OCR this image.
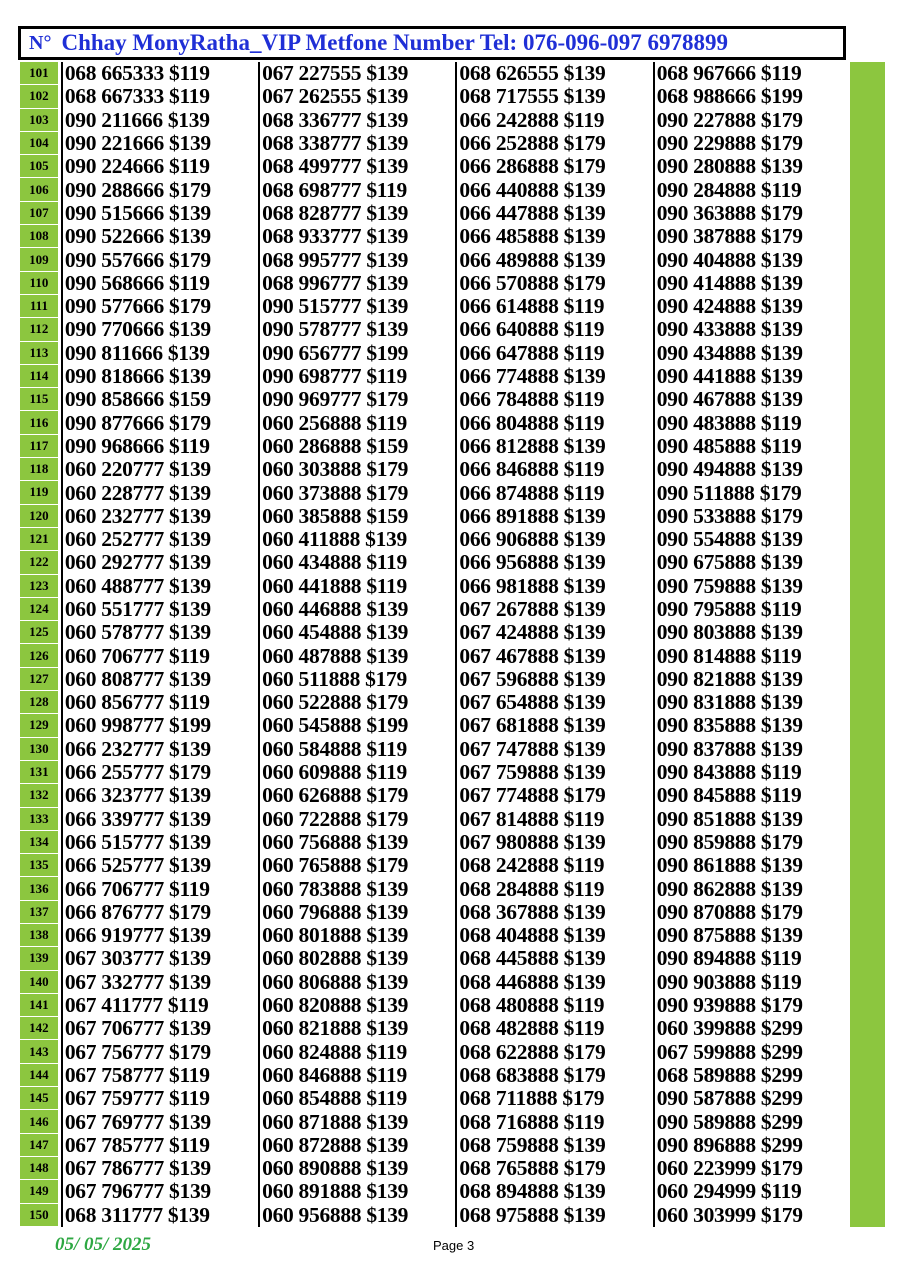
N° Chhay MonyRatha_VIP Metfone Number Tel: 076-096-097 6978899
101 068 665333 $119	067 227555 $139	068 626555 $139	068 967666 $119
102 068 667333 $119	067 262555 $139	068 717555 $139	068 988666 $199
103 090 211666 $139	068 336777 $139	066 242888 $119	090 227888 $179
104 090 221666 $139	068 338777 $139	066 252888 $179	090 229888 $179
105 090 224666 $119	068 499777 $139	066 286888 $179	090 280888 $139
106 090 288666 $179	068 698777 $119	066 440888 $139	090 284888 $119
107 090 515666 $139	068 828777 $139	066 447888 $139	090 363888 $179
108 090 522666 $139	068 933777 $139	066 485888 $139	090 387888 $179
109 090 557666 $179	068 995777 $139	066 489888 $139	090 404888 $139
110 090 568666 $119	068 996777 $139	066 570888 $179	090 414888 $139
111 090 577666 $179	090 515777 $139	066 614888 $119	090 424888 $139
112 090 770666 $139	090 578777 $139	066 640888 $119	090 433888 $139
113 090 811666 $139	090 656777 $199	066 647888 $119	090 434888 $139
114 090 818666 $139	090 698777 $119	066 774888 $139	090 441888 $139
115 090 858666 $159	090 969777 $179	066 784888 $119	090 467888 $139
116 090 877666 $179	060 256888 $119	066 804888 $119	090 483888 $119
117 090 968666 $119	060 286888 $159	066 812888 $139	090 485888 $119
118 060 220777 $139	060 303888 $179	066 846888 $119	090 494888 $139
119 060 228777 $139	060 373888 $179	066 874888 $119	090 511888 $179
120 060 232777 $139	060 385888 $159	066 891888 $139	090 533888 $179
121 060 252777 $139	060 411888 $139	066 906888 $139	090 554888 $139
122 060 292777 $139	060 434888 $119	066 956888 $139	090 675888 $139
123 060 488777 $139	060 441888 $119	066 981888 $139	090 759888 $139
124 060 551777 $139	060 446888 $139	067 267888 $139	090 795888 $119
125 060 578777 $139	060 454888 $139	067 424888 $139	090 803888 $139
126 060 706777 $119	060 487888 $139	067 467888 $139	090 814888 $119
127 060 808777 $139	060 511888 $179	067 596888 $139	090 821888 $139
128 060 856777 $119	060 522888 $179	067 654888 $139	090 831888 $139
129 060 998777 $199	060 545888 $199	067 681888 $139	090 835888 $139
130 066 232777 $139	060 584888 $119	067 747888 $139	090 837888 $139
131 066 255777 $179	060 609888 $119	067 759888 $139	090 843888 $119
132 066 323777 $139	060 626888 $179	067 774888 $179	090 845888 $119
133 066 339777 $139	060 722888 $179	067 814888 $119	090 851888 $139
134 066 515777 $139	060 756888 $139	067 980888 $139	090 859888 $179
135 066 525777 $139	060 765888 $179	068 242888 $119	090 861888 $139
136 066 706777 $119	060 783888 $139	068 284888 $119	090 862888 $139
137 066 876777 $179	060 796888 $139	068 367888 $139	090 870888 $179
138 066 919777 $139	060 801888 $139	068 404888 $139	090 875888 $139
139 067 303777 $139	060 802888 $139	068 445888 $139	090 894888 $119
140 067 332777 $139	060 806888 $139	068 446888 $139	090 903888 $119
141 067 411777 $119	060 820888 $139	068 480888 $119	090 939888 $179
142 067 706777 $139	060 821888 $139	068 482888 $119	060 399888 $299
143 067 756777 $179	060 824888 $119	068 622888 $179	067 599888 $299
144 067 758777 $119	060 846888 $119	068 683888 $179	068 589888 $299
145 067 759777 $119	060 854888 $119	068 711888 $179	090 587888 $299
146 067 769777 $139	060 871888 $139	068 716888 $119	090 589888 $299
147 067 785777 $119	060 872888 $139	068 759888 $139	090 896888 $299
148 067 786777 $139	060 890888 $139	068 765888 $179	060 223999 $179
149 067 796777 $139	060 891888 $139	068 894888 $139	060 294999 $119
150 068 311777 $139	060 956888 $139	068 975888 $139	060 303999 $179
05/ 05/ 2025	Page 3
